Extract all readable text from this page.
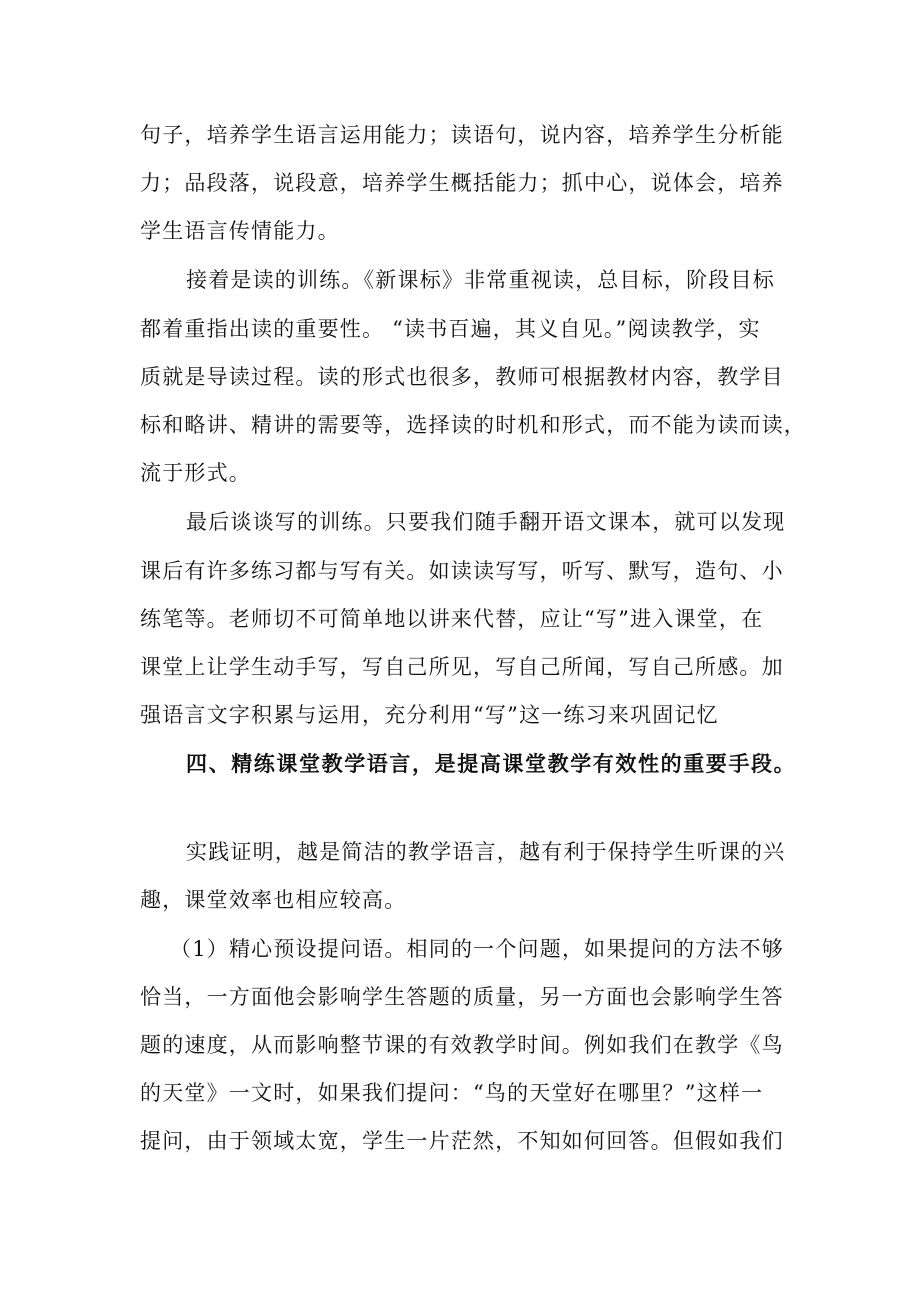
句子，培养学生语言运用能力；读语句，说内容，培养学生分析能
力；品段落，说段意，培养学生概括能力；抓中心，说体会，培养
学生语言传情能力。
接着是读的训练。《新课标》非常重视读，总目标，阶段目标
都着重指出读的重要性。 “读书百遍，其义自见。”阅读教学，实
质就是导读过程。读的形式也很多，教师可根据教材内容，教学目
标和略讲、精讲的需要等，选择读的时机和形式，而不能为读而读，
流于形式。
最后谈谈写的训练。只要我们随手翻开语文课本，就可以发现
课后有许多练习都与写有关。如读读写写，听写、默写，造句、小
练笔等。老师切不可简单地以讲来代替，应让“写”进入课堂，在
课堂上让学生动手写，写自己所见，写自己所闻，写自己所感。加
强语言文字积累与运用，充分利用“写”这一练习来巩固记忆
四、精练课堂教学语言，是提高课堂教学有效性的重要手段。
实践证明，越是简洁的教学语言，越有利于保持学生听课的兴
趣，课堂效率也相应较高。
（1）精心预设提问语。相同的一个问题，如果提问的方法不够
恰当，一方面他会影响学生答题的质量，另一方面也会影响学生答
题的速度，从而影响整节课的有效教学时间。例如我们在教学《鸟
的天堂》一文时，如果我们提问：“鸟的天堂好在哪里？”这样一
提问，由于领域太宽，学生一片茫然，不知如何回答。但假如我们
